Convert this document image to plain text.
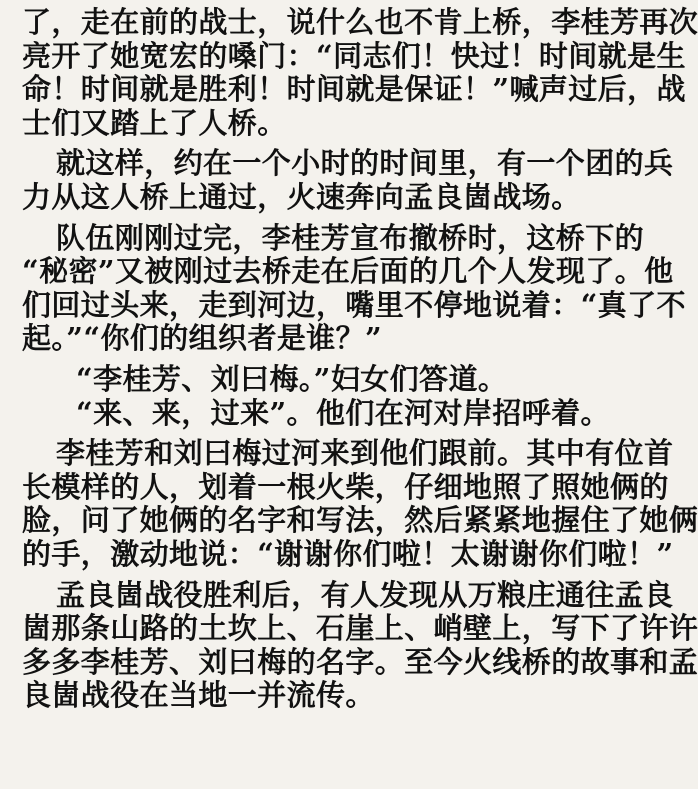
了，走在前的战士，说什么也不肯上桥，李桂芳再次
亮开了她宽宏的嗓门：“同志们！快过！时间就是生
命！时间就是胜利！时间就是保证！”喊声过后，战
士们又踏上了人桥。
就这样，约在一个小时的时间里，有一个团的兵
力从这人桥上通过，火速奔向孟良崮战场。
队伍刚刚过完，李桂芳宣布撤桥时，这桥下的
“秘密”又被刚过去桥走在后面的几个人发现了。他
们回过头来，走到河边，嘴里不停地说着：“真了不
起。”“你们的组织者是谁？”
“李桂芳、刘曰梅。”妇女们答道。
“来、来，过来”。他们在河对岸招呼着。
李桂芳和刘曰梅过河来到他们跟前。其中有位首
长模样的人，划着一根火柴，仔细地照了照她俩的
脸，问了她俩的名字和写法，然后紧紧地握住了她俩
的手，激动地说：“谢谢你们啦！太谢谢你们啦！”
孟良崮战役胜利后，有人发现从万粮庄通往孟良
崮那条山路的土坎上、石崖上、峭壁上，写下了许许
多多李桂芳、刘曰梅的名字。至今火线桥的故事和孟
良崮战役在当地一并流传。
